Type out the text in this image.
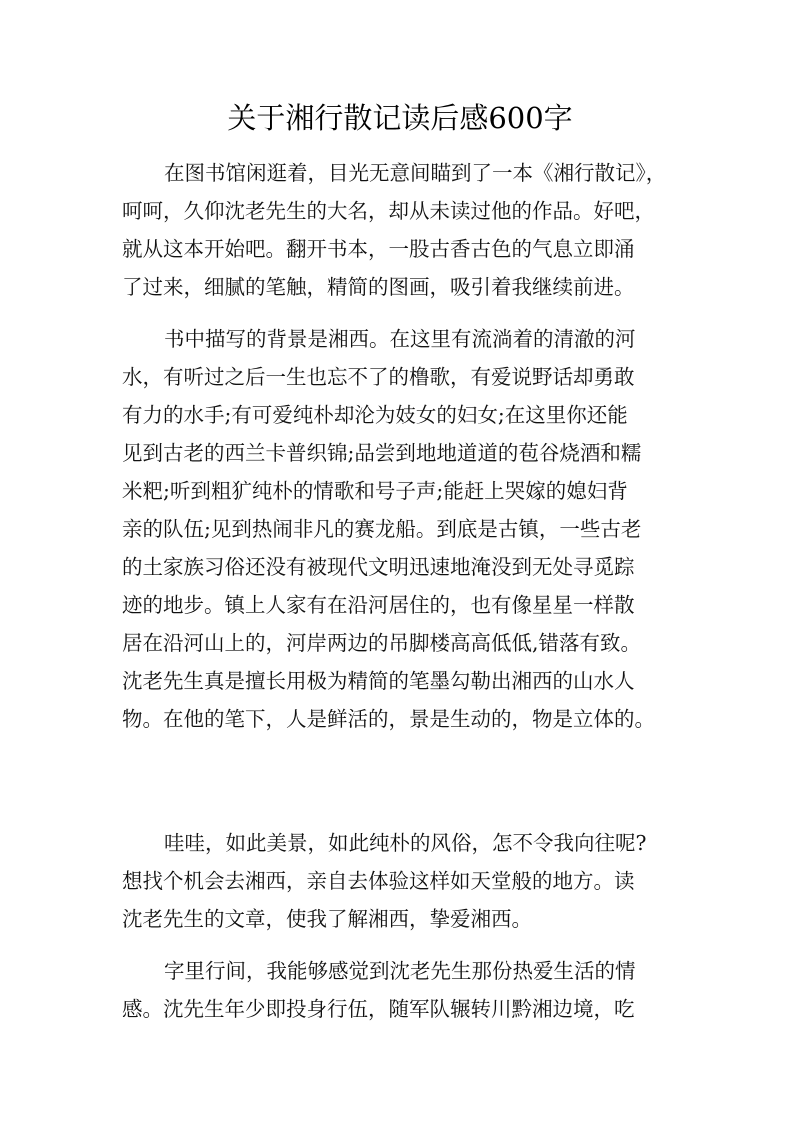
关于湘行散记读后感600字
在图书馆闲逛着，目光无意间瞄到了一本《湘行散记》，
呵呵，久仰沈老先生的大名，却从未读过他的作品。好吧，
就从这本开始吧。翻开书本，一股古香古色的气息立即涌
了过来，细腻的笔触，精简的图画，吸引着我继续前进。
书中描写的背景是湘西。在这里有流淌着的清澈的河
水，有听过之后一生也忘不了的橹歌，有爱说野话却勇敢
有力的水手;有可爱纯朴却沦为妓女的妇女;在这里你还能
见到古老的西兰卡普织锦;品尝到地地道道的苞谷烧酒和糯
米粑;听到粗犷纯朴的情歌和号子声;能赶上哭嫁的媳妇背
亲的队伍;见到热闹非凡的赛龙船。到底是古镇，一些古老
的土家族习俗还没有被现代文明迅速地淹没到无处寻觅踪
迹的地步。镇上人家有在沿河居住的，也有像星星一样散
居在沿河山上的，河岸两边的吊脚楼高高低低,错落有致。
沈老先生真是擅长用极为精简的笔墨勾勒出湘西的山水人
物。在他的笔下，人是鲜活的，景是生动的，物是立体的。
哇哇，如此美景，如此纯朴的风俗，怎不令我向往呢?
想找个机会去湘西，亲自去体验这样如天堂般的地方。读
沈老先生的文章，使我了解湘西，挚爱湘西。
字里行间，我能够感觉到沈老先生那份热爱生活的情
感。沈先生年少即投身行伍，随军队辗转川黔湘边境，吃
